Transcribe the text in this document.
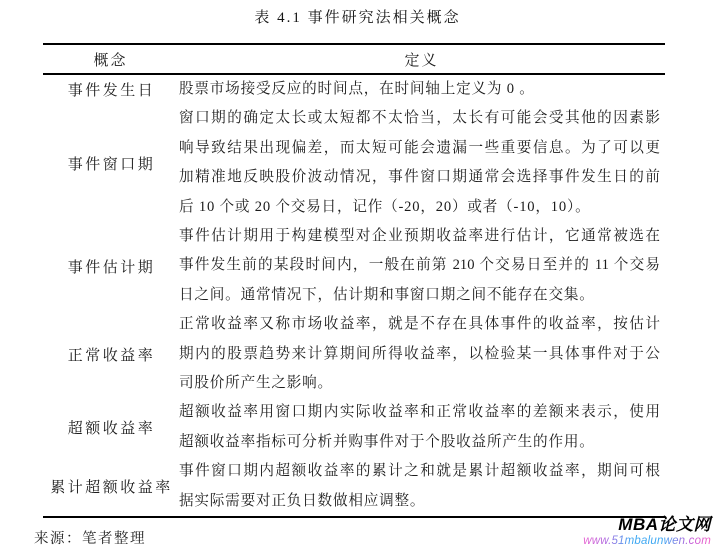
表 4.1 事件研究法相关概念
概念	定义
事件发生日	股票市场接受反应的时间点，在时间轴上定义为 0 。
事件窗口期
窗口期的确定太长或太短都不太恰当，太长有可能会受其他的因素影
响导致结果出现偏差，而太短可能会遗漏一些重要信息。为了可以更
加精准地反映股价波动情况，事件窗口期通常会选择事件发生日的前
后 10 个或 20 个交易日，记作（-20，20）或者（-10，10）。
事件估计期
事件估计期用于构建模型对企业预期收益率进行估计，它通常被选在
事件发生前的某段时间内，一般在前第 210 个交易日至并的 11 个交易
日之间。通常情况下，估计期和事窗口期之间不能存在交集。
正常收益率
正常收益率又称市场收益率，就是不存在具体事件的收益率，按估计
期内的股票趋势来计算期间所得收益率，以检验某一具体事件对于公
司股价所产生之影响。
超额收益率
超额收益率用窗口期内实际收益率和正常收益率的差额来表示，使用
超额收益率指标可分析并购事件对于个股收益所产生的作用。
累计超额收益率
事件窗口期内超额收益率的累计之和就是累计超额收益率，期间可根
据实际需要对正负日数做相应调整。
来源：笔者整理
MBA论文网
www.51mbalunwen.com
